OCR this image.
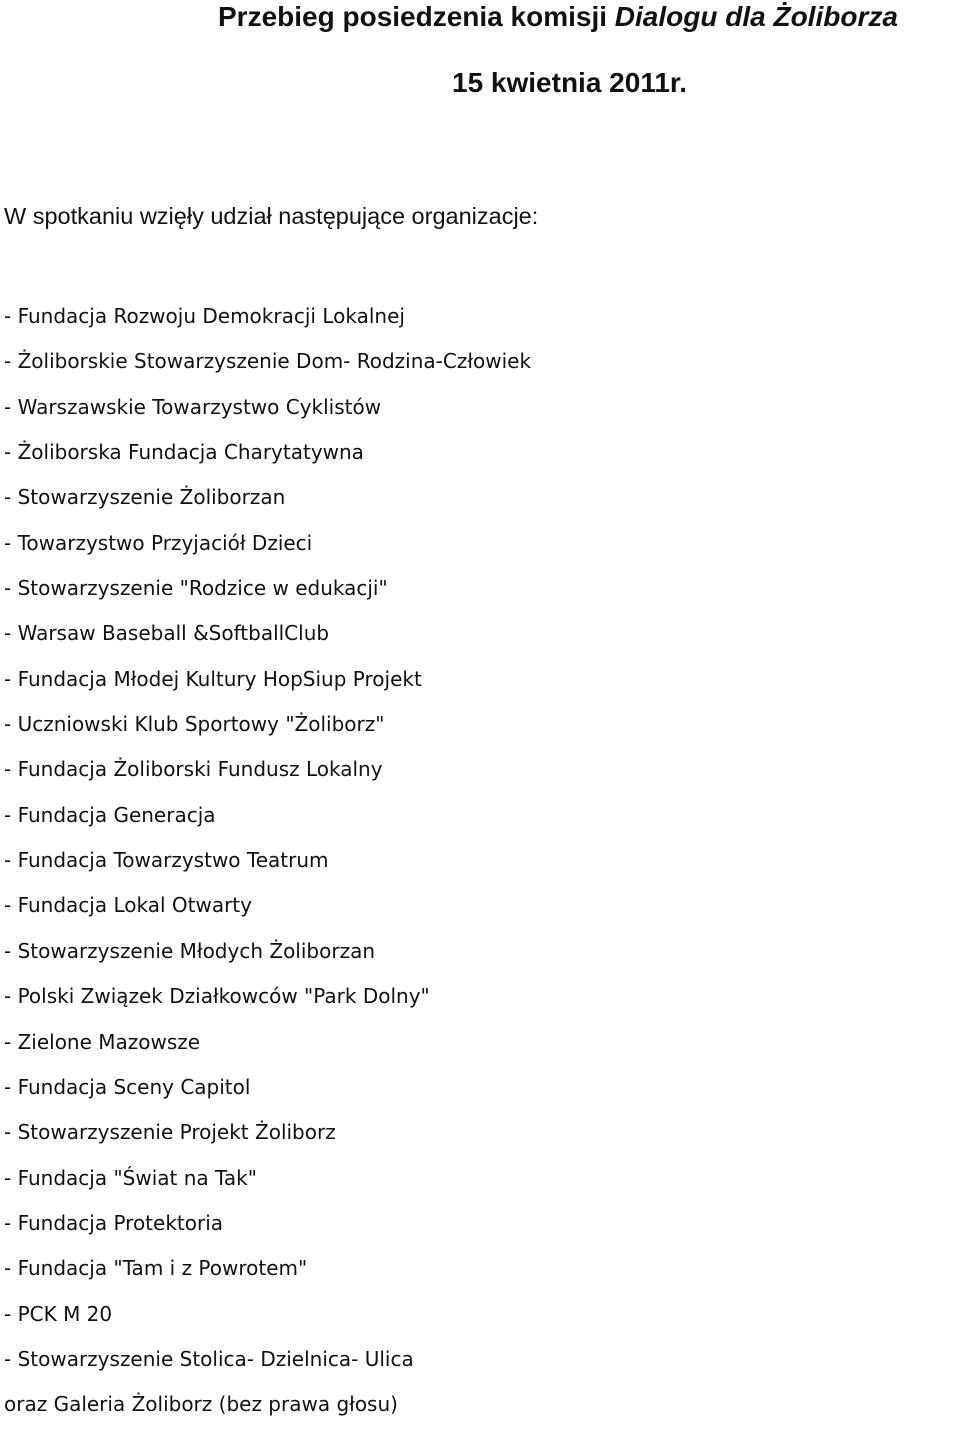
Przebieg posiedzenia komisji Dialogu dla Żoliborza
15 kwietnia 2011r.
W spotkaniu wzięły udział następujące organizacje:
- Fundacja Rozwoju Demokracji Lokalnej
- Żoliborskie Stowarzyszenie Dom- Rodzina-Człowiek
- Warszawskie Towarzystwo Cyklistów
- Żoliborska Fundacja Charytatywna
- Stowarzyszenie Żoliborzan
- Towarzystwo Przyjaciół Dzieci
- Stowarzyszenie "Rodzice w edukacji"
- Warsaw Baseball &SoftballClub
- Fundacja Młodej Kultury HopSiup Projekt
- Uczniowski Klub Sportowy "Żoliborz"
- Fundacja Żoliborski Fundusz Lokalny
- Fundacja Generacja
- Fundacja Towarzystwo Teatrum
- Fundacja Lokal Otwarty
- Stowarzyszenie Młodych Żoliborzan
- Polski Związek Działkowców "Park Dolny"
- Zielone Mazowsze
- Fundacja Sceny Capitol
- Stowarzyszenie Projekt Żoliborz
- Fundacja "Świat na Tak"
- Fundacja Protektoria
- Fundacja "Tam i z Powrotem"
- PCK M 20
- Stowarzyszenie Stolica- Dzielnica- Ulica
oraz Galeria Żoliborz (bez prawa głosu)
